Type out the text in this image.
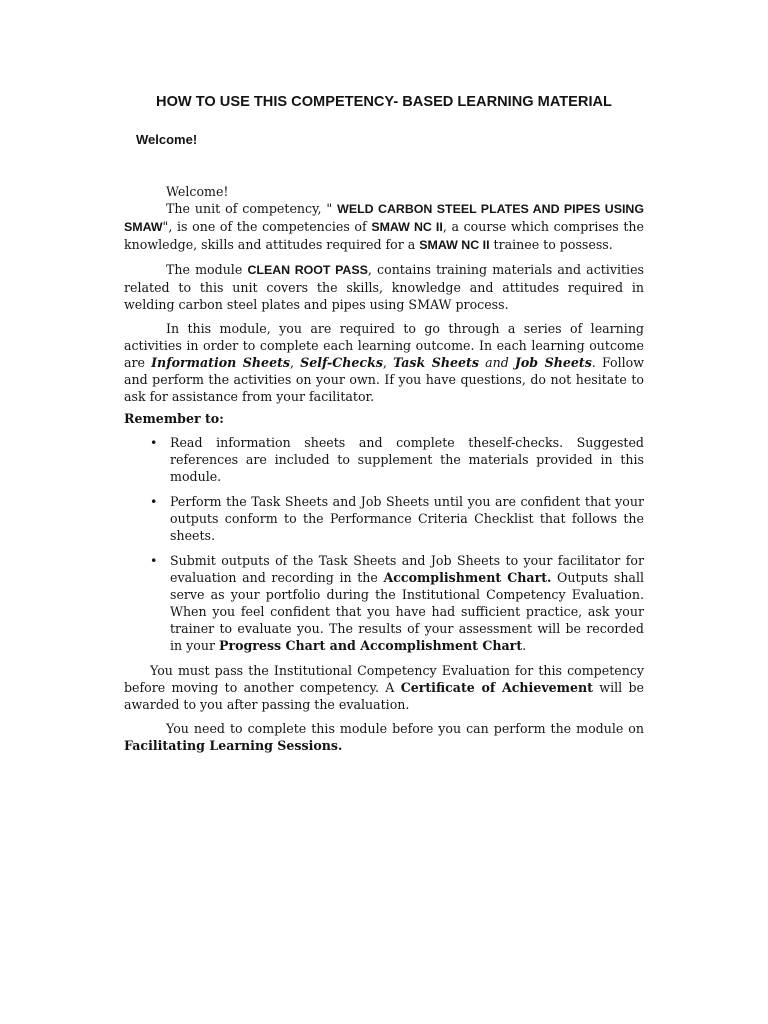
HOW TO USE THIS COMPETENCY- BASED LEARNING MATERIAL
Welcome!

Welcome!

The unit of competency, " WELD CARBON STEEL PLATES AND PIPES USING SMAW", is one of the competencies of SMAW NC II, a course which comprises the knowledge, skills and attitudes required for a SMAW NC II trainee to possess.

The module CLEAN ROOT PASS, contains training materials and activities related to this unit covers the skills, knowledge and attitudes required in welding carbon steel plates and pipes using SMAW process.

In this module, you are required to go through a series of learning activities in order to complete each learning outcome. In each learning outcome are Information Sheets, Self-Checks, Task Sheets and Job Sheets. Follow and perform the activities on your own. If you have questions, do not hesitate to ask for assistance from your facilitator.

Remember to:

• Read information sheets and complete theself-checks. Suggested references are included to supplement the materials provided in this module.
• Perform the Task Sheets and Job Sheets until you are confident that your outputs conform to the Performance Criteria Checklist that follows the sheets.
• Submit outputs of the Task Sheets and Job Sheets to your facilitator for evaluation and recording in the Accomplishment Chart. Outputs shall serve as your portfolio during the Institutional Competency Evaluation. When you feel confident that you have had sufficient practice, ask your trainer to evaluate you. The results of your assessment will be recorded in your Progress Chart and Accomplishment Chart.

You must pass the Institutional Competency Evaluation for this competency before moving to another competency. A Certificate of Achievement will be awarded to you after passing the evaluation.

You need to complete this module before you can perform the module on Facilitating Learning Sessions.
